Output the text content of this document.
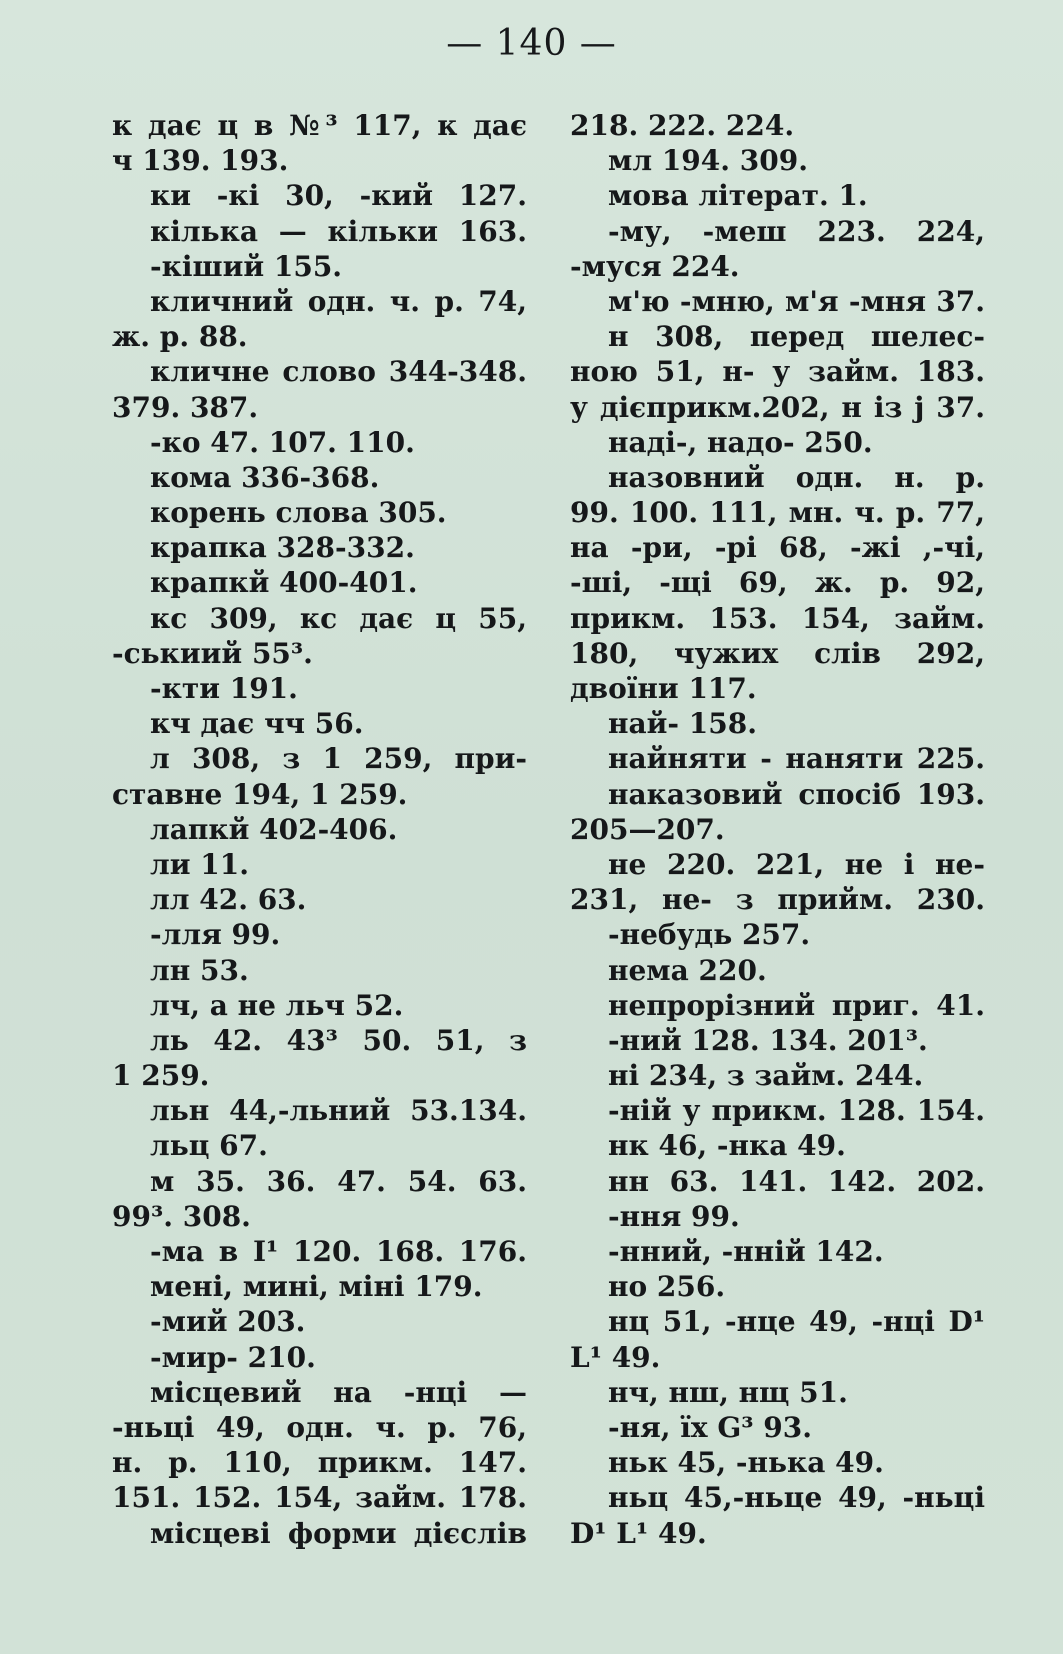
— 140 —
к дає ц в №³ 117, к дає
ч 139. 193.
ки -кі 30, -кий 127.
кілька — кільки 163.
-кіший 155.
кличний одн. ч. р. 74,
ж. р. 88.
кличне слово 344-348.
379. 387.
-ко 47. 107. 110.
кома 336-368.
корень слова 305.
крапка 328-332.
крапкй 400-401.
кс 309, кс дає ц 55,
-ськиий 55³.
-кти 191.
кч дає чч 56.
л 308, з 1 259, при-
ставне 194, 1 259.
лапкй 402-406.
ли 11.
лл 42. 63.
-лля 99.
лн 53.
лч, а не льч 52.
ль 42. 43³ 50. 51, з
1 259.
льн 44,-льний 53.134.
льц 67.
м 35. 36. 47. 54. 63.
99³. 308.
-ма в I¹ 120. 168. 176.
мені, мині, міні 179.
-мий 203.
-мир- 210.
місцевий на -нці —
-ньці 49, одн. ч. р. 76,
н. р. 110, прикм. 147.
151. 152. 154, займ. 178.
місцеві форми дієслів
218. 222. 224.
мл 194. 309.
мова літерат. 1.
-му, -меш 223. 224,
-муся 224.
м'ю -мню, м'я -мня 37.
н 308, перед шелес-
ною 51, н- у займ. 183.
у дієприкм.202, н із j 37.
наді-, надо- 250.
назовний одн. н. р.
99. 100. 111, мн. ч. р. 77,
на -ри, -рі 68, -жі ,-чі,
-ші, -щі 69, ж. р. 92,
прикм. 153. 154, займ.
180, чужих слів 292,
двоїни 117.
най- 158.
найняти - наняти 225.
наказовий спосіб 193.
205—207.
не 220. 221, не і не-
231, не- з прийм. 230.
-небудь 257.
нема 220.
непрорізний приг. 41.
-ний 128. 134. 201³.
ні 234, з займ. 244.
-ній у прикм. 128. 154.
нк 46, -нка 49.
нн 63. 141. 142. 202.
-ння 99.
-нний, -нній 142.
но 256.
нц 51, -нце 49, -нці D¹
L¹ 49.
нч, нш, нщ 51.
-ня, їх G³ 93.
ньк 45, -нька 49.
ньц 45,-ньце 49, -ньці
D¹ L¹ 49.
